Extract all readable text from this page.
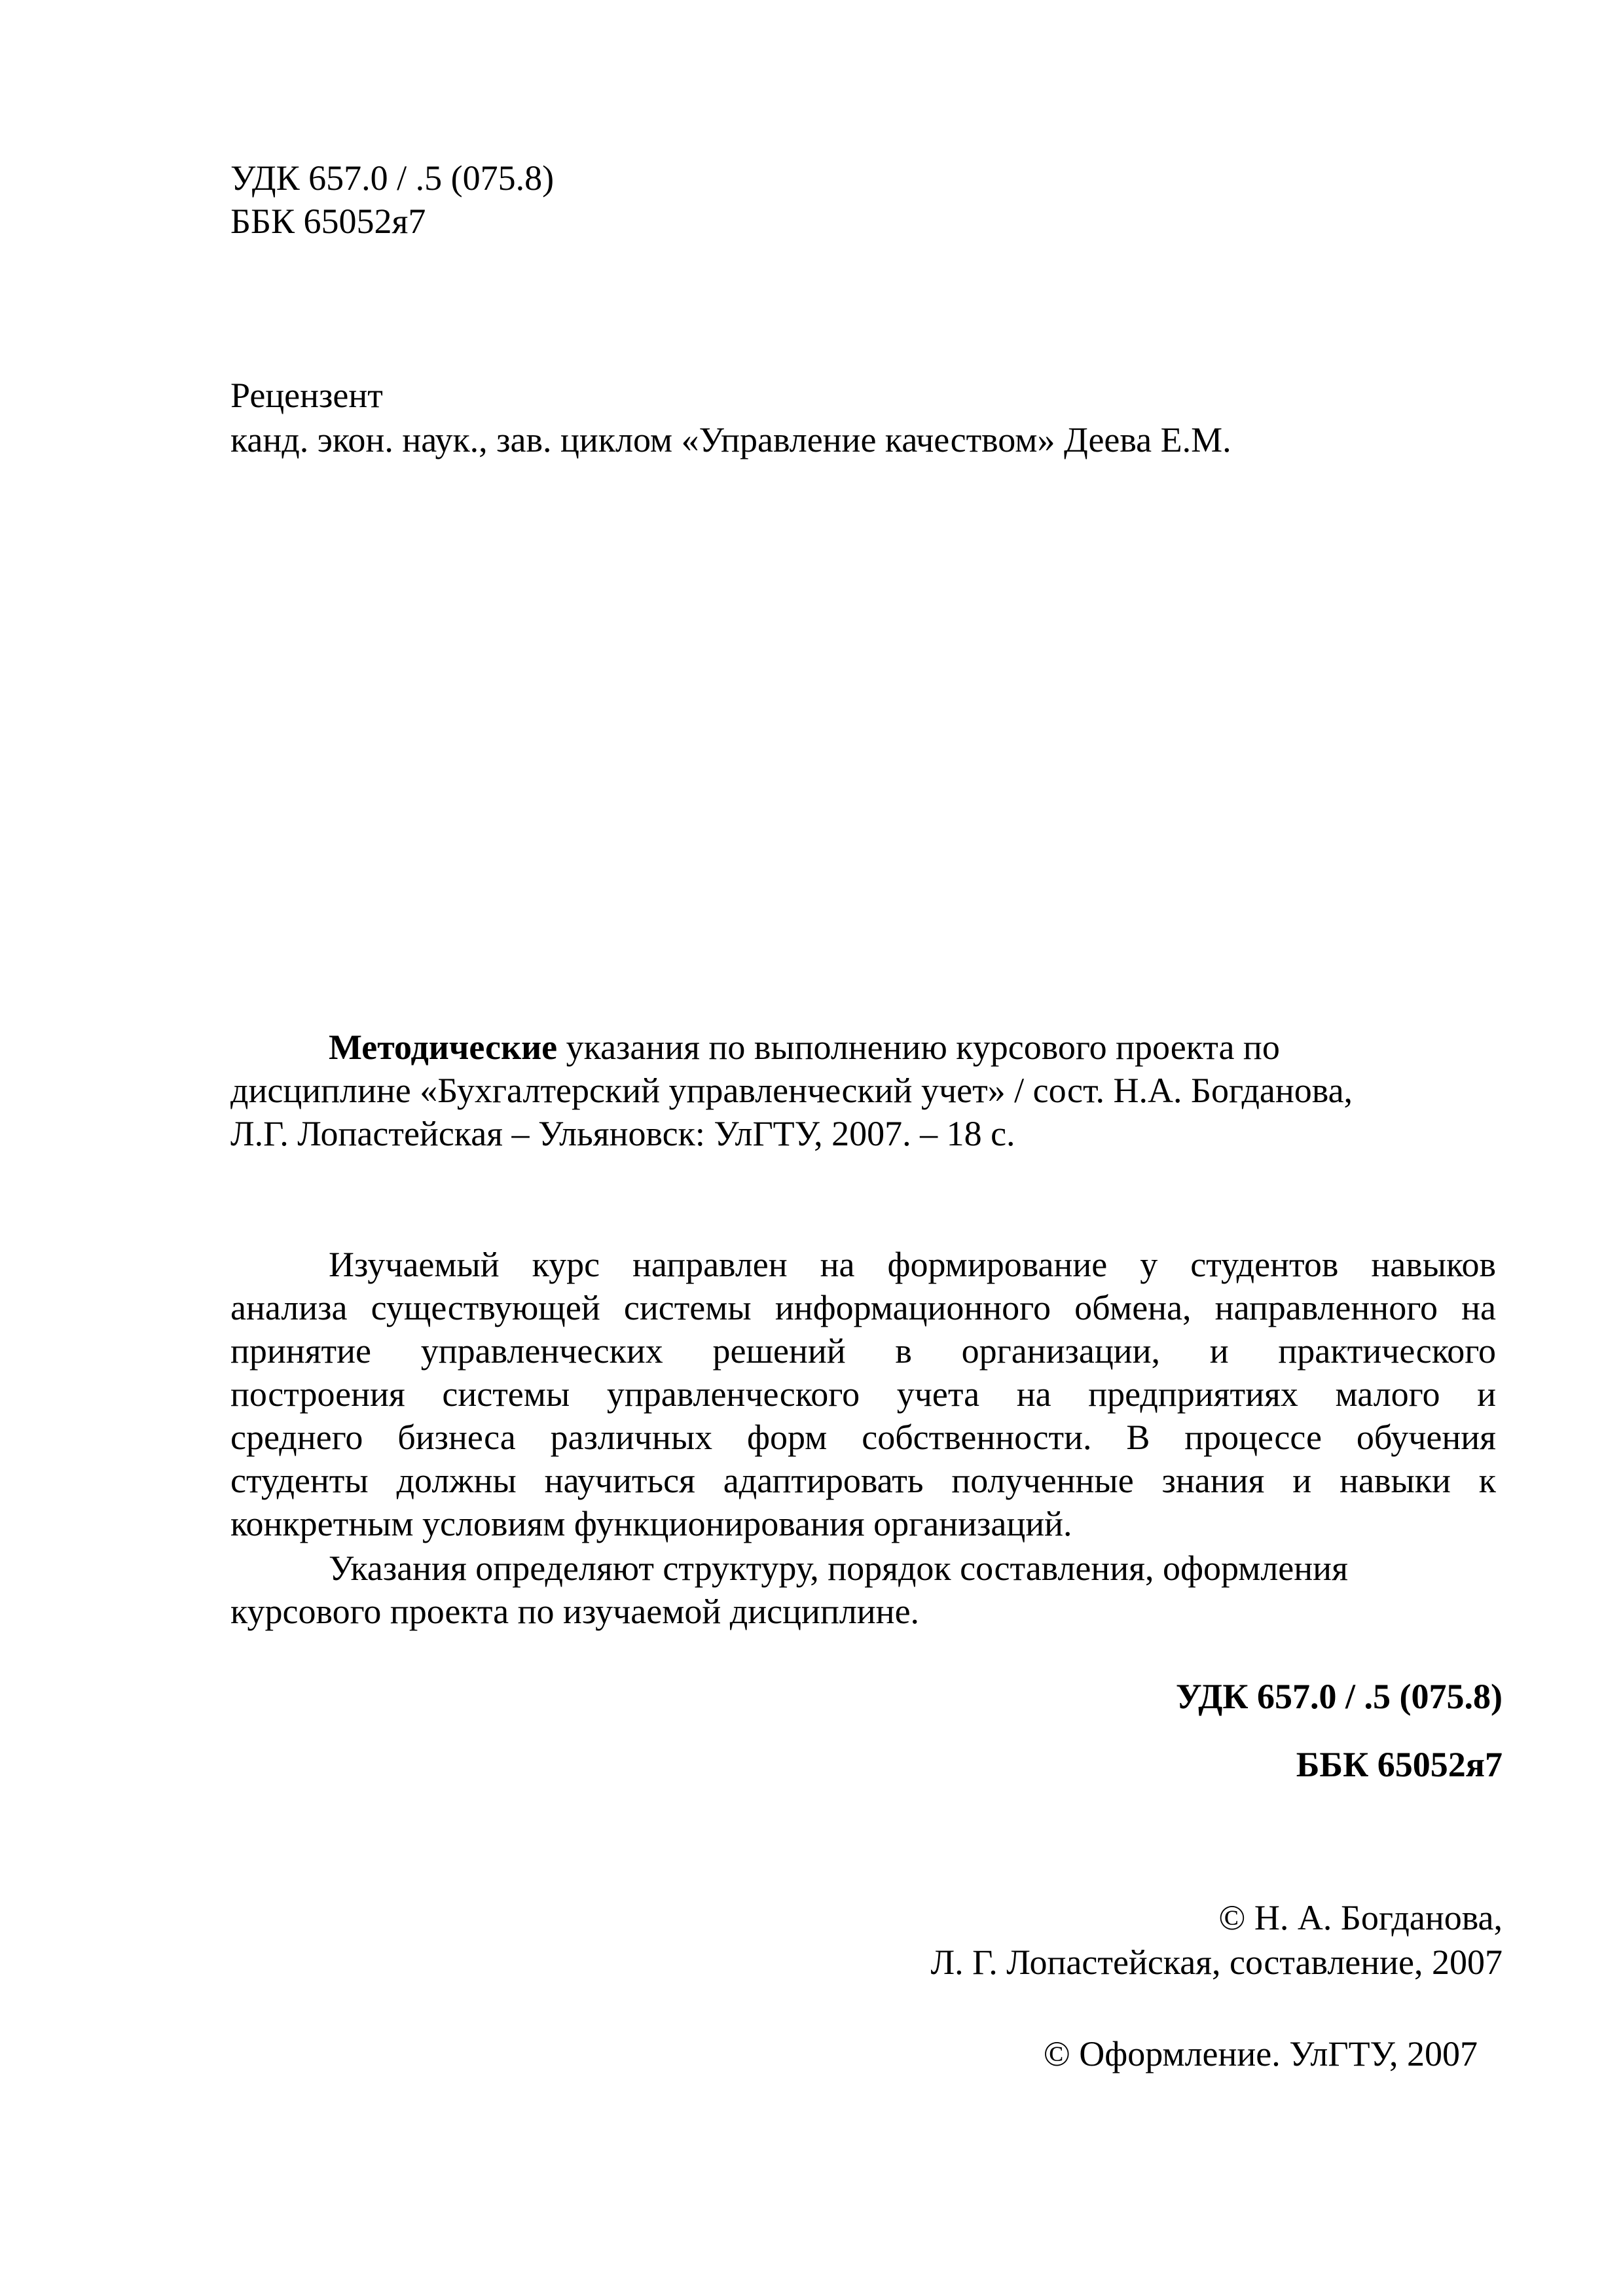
УДК 657.0 / .5 (075.8)

ББК 65052я7

Рецензент

канд. экон. наук., зав. циклом «Управление качеством» Деева Е.М.

Методические указания по выполнению курсового проекта по

дисциплине «Бухгалтерский управленческий учет» / сост. Н.А. Богданова,

Л.Г. Лопастейская – Ульяновск: УлГТУ, 2007. – 18 с.

Изучаемый курс направлен на формирование у студентов навыков

анализа существующей системы информационного обмена, направленного на

принятие управленческих решений в организации, и практического

построения системы управленческого учета на предприятиях малого и

среднего бизнеса различных форм собственности. В процессе обучения

студенты должны научиться адаптировать полученные знания и навыки к

конкретным условиям функционирования организаций.

Указания определяют структуру, порядок составления, оформления

курсового проекта по изучаемой дисциплине.

УДК 657.0 / .5 (075.8)

ББК 65052я7

© Н. А. Богданова,

Л. Г. Лопастейская, составление, 2007

© Оформление. УлГТУ, 2007
